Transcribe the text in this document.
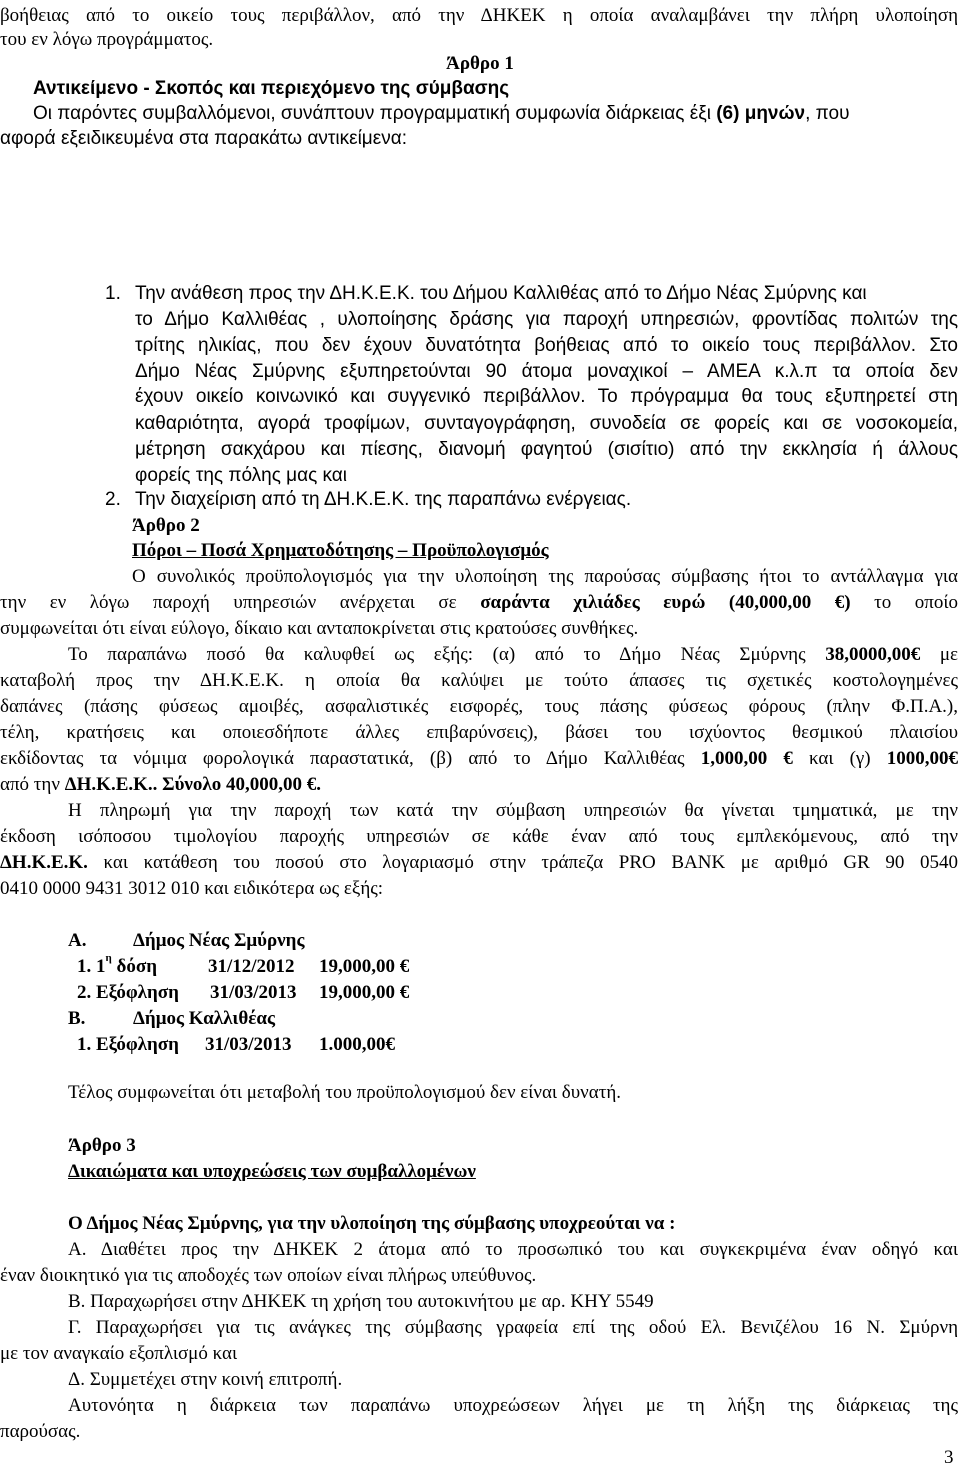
βοήθειας από το οικείο τους περιβάλλον, από την ΔΗΚΕΚ η οποία αναλαμβάνει την πλήρη υλοποίηση
του εν λόγω προγράμματος.
Άρθρο 1
Αντικείμενο - Σκοπός και περιεχόμενο της σύμβασης
Οι παρόντες συμβαλλόμενοι, συνάπτουν προγραμματική συμφωνία διάρκειας έξι (6) μηνών, που
αφορά εξειδικευμένα στα παρακάτω αντικείμενα:
1. Την ανάθεση προς την ΔΗ.Κ.Ε.Κ. του Δήμου Καλλιθέας από το Δήμο Νέας Σμύρνης και
το Δήμο Καλλιθέας , υλοποίησης δράσης για παροχή υπηρεσιών, φροντίδας πολιτών της
τρίτης ηλικίας, που δεν έχουν δυνατότητα βοήθειας από το οικείο τους περιβάλλον. Στο
Δήμο Νέας Σμύρνης εξυπηρετούνται 90 άτομα μοναχικοί – ΑΜΕΑ κ.λ.π τα οποία δεν
έχουν οικείο κοινωνικό και συγγενικό περιβάλλον. Το πρόγραμμα θα τους εξυπηρετεί στη
καθαριότητα, αγορά τροφίμων, συνταγογράφηση, συνοδεία σε φορείς και σε νοσοκομεία,
μέτρηση σακχάρου και πίεσης, διανομή φαγητού (σισίτιο) από την εκκλησία ή άλλους
φορείς της πόλης μας και
2. Την διαχείριση από τη ΔΗ.Κ.Ε.Κ. της παραπάνω ενέργειας.
Άρθρο 2
Πόροι – Ποσά Χρηματοδότησης – Προϋπολογισμός
Ο συνολικός προϋπολογισμός για την υλοποίηση της παρούσας σύμβασης ήτοι το αντάλλαγμα για
την εν λόγω παροχή υπηρεσιών ανέρχεται σε σαράντα χιλιάδες ευρώ (40,000,00 €) το οποίο
συμφωνείται ότι είναι εύλογο, δίκαιο και ανταποκρίνεται στις κρατούσες συνθήκες.
Το παραπάνω ποσό θα καλυφθεί ως εξής: (α) από το Δήμο Νέας Σμύρνης 38,0000,00€ με
καταβολή προς την ΔΗ.Κ.Ε.Κ. η οποία θα καλύψει με τούτο άπασες τις σχετικές κοστολογημένες
δαπάνες (πάσης φύσεως αμοιβές, ασφαλιστικές εισφορές, τους πάσης φύσεως φόρους (πλην Φ.Π.Α.),
τέλη, κρατήσεις και οποιεσδήποτε άλλες επιβαρύνσεις), βάσει του ισχύοντος θεσμικού πλαισίου
εκδίδοντας τα νόμιμα φορολογικά παραστατικά, (β) από το Δήμο Καλλιθέας 1,000,00 € και (γ) 1000,00€
από την ΔΗ.Κ.Ε.Κ.. Σύνολο 40,000,00 €.
Η πληρωμή για την παροχή των κατά την σύμβαση υπηρεσιών θα γίνεται τμηματικά, με την
έκδοση ισόποσου τιμολογίου παροχής υπηρεσιών σε κάθε έναν από τους εμπλεκόμενους, από την
ΔΗ.Κ.Ε.Κ. και κατάθεση του ποσού στο λογαριασμό στην τράπεζα PRO BANK με αριθμό GR 90 0540
0410 0000 9431 3012 010 και ειδικότερα ως εξής:
Α. Δήμος Νέας Σμύρνης
1. $1^\eta$ δόση	31/12/2012 19,000,00 €
2. Εξόφληση 31/03/2013 19,000,00 €
Β.	Δήμος Καλλιθέας
1. Εξόφληση 31/03/2013 1.000,00€
Τέλος συμφωνείται ότι μεταβολή του προϋπολογισμού δεν είναι δυνατή.
Άρθρο 3
Δικαιώματα και υποχρεώσεις των συμβαλλομένων
Ο Δήμος Νέας Σμύρνης, για την υλοποίηση της σύμβασης υποχρεούται να :
Α. Διαθέτει προς την ΔΗΚΕΚ 2 άτομα από το προσωπικό του και συγκεκριμένα έναν οδηγό και
έναν διοικητικό για τις αποδοχές των οποίων είναι πλήρως υπεύθυνος.
Β. Παραχωρήσει στην ΔΗΚΕΚ τη χρήση του αυτοκινήτου με αρ. ΚΗΥ 5549
Γ. Παραχωρήσει για τις ανάγκες της σύμβασης γραφεία επί της οδού Ελ. Βενιζέλου 16 Ν. Σμύρνη
με τον αναγκαίο εξοπλισμό και
Δ. Συμμετέχει στην κοινή επιτροπή.
Αυτονόητα η διάρκεια των παραπάνω υποχρεώσεων λήγει με τη λήξη της διάρκειας της
παρούσας.
3
